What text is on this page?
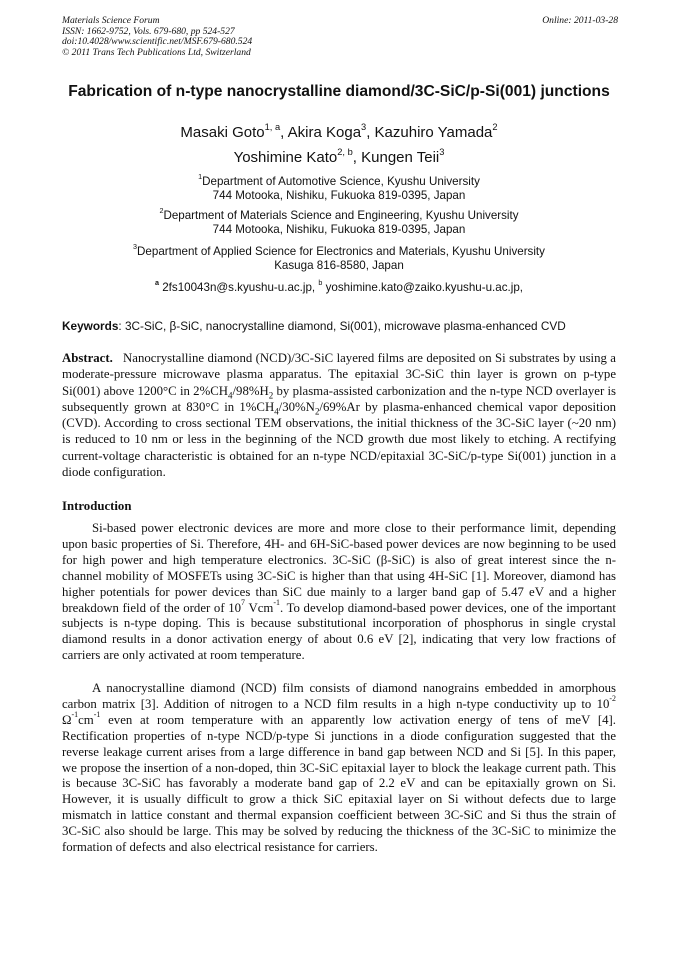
Materials Science Forum
ISSN: 1662-9752, Vols. 679-680, pp 524-527
doi:10.4028/www.scientific.net/MSF.679-680.524
© 2011 Trans Tech Publications Ltd, Switzerland
Online: 2011-03-28
Fabrication of n-type nanocrystalline diamond/3C-SiC/p-Si(001) junctions
Masaki Goto$^{1, a}$, Akira Koga$^3$, Kazuhiro Yamada$^2$
Yoshimine Kato$^{2, b}$, Kungen Teii$^3$
$^1$Department of Automotive Science, Kyushu University
744 Motooka, Nishiku, Fukuoka 819-0395, Japan
$^2$Department of Materials Science and Engineering, Kyushu University
744 Motooka, Nishiku, Fukuoka 819-0395, Japan
$^3$Department of Applied Science for Electronics and Materials, Kyushu University
Kasuga 816-8580, Japan
$^a$ 2fs10043n@s.kyushu-u.ac.jp, $^b$ yoshimine.kato@zaiko.kyushu-u.ac.jp,
Keywords: 3C-SiC, β-SiC, nanocrystalline diamond, Si(001), microwave plasma-enhanced CVD
Abstract. Nanocrystalline diamond (NCD)/3C-SiC layered films are deposited on Si substrates by using a moderate-pressure microwave plasma apparatus. The epitaxial 3C-SiC thin layer is grown on p-type Si(001) above 1200°C in $2\%CH_4/98\%H_2$ by plasma-assisted carbonization and the n-type NCD overlayer is subsequently grown at 830°C in $1\%CH_4/30\%N_2/69\%Ar$ by plasma-enhanced chemical vapor deposition (CVD). According to cross sectional TEM observations, the initial thickness of the 3C-SiC layer (~20 nm) is reduced to 10 nm or less in the beginning of the NCD growth due most likely to etching. A rectifying current-voltage characteristic is obtained for an n-type NCD/epitaxial 3C-SiC/p-type Si(001) junction in a diode configuration.
Introduction

Si-based power electronic devices are more and more close to their performance limit, depending upon basic properties of Si. Therefore, 4H- and 6H-SiC-based power devices are now beginning to be used for high power and high temperature electronics. 3C-SiC (β-SiC) is also of great interest since the n-channel mobility of MOSFETs using 3C-SiC is higher than that using 4H-SiC [1]. Moreover, diamond has higher potentials for power devices than SiC due mainly to a larger band gap of 5.47 eV and a higher breakdown field of the order of $10^7$ Vcm$^{-1}$. To develop diamond-based power devices, one of the important subjects is n-type doping. This is because substitutional incorporation of phosphorus in single crystal diamond results in a donor activation energy of about 0.6 eV [2], indicating that very low fractions of carriers are only activated at room temperature.

A nanocrystalline diamond (NCD) film consists of diamond nanograins embedded in amorphous carbon matrix [3]. Addition of nitrogen to a NCD film results in a high n-type conductivity up to $10^{-2}$ $\Omega^{-1}cm^{-1}$ even at room temperature with an apparently low activation energy of tens of meV [4]. Rectification properties of n-type NCD/p-type Si junctions in a diode configuration suggested that the reverse leakage current arises from a large difference in band gap between NCD and Si [5]. In this paper, we propose the insertion of a non-doped, thin 3C-SiC epitaxial layer to block the leakage current path. This is because 3C-SiC has favorably a moderate band gap of 2.2 eV and can be epitaxially grown on Si. However, it is usually difficult to grow a thick SiC epitaxial layer on Si without defects due to large mismatch in lattice constant and thermal expansion coefficient between 3C-SiC and Si thus the strain of 3C-SiC also should be large. This may be solved by reducing the thickness of the 3C-SiC to minimize the formation of defects and also electrical resistance for carriers.
